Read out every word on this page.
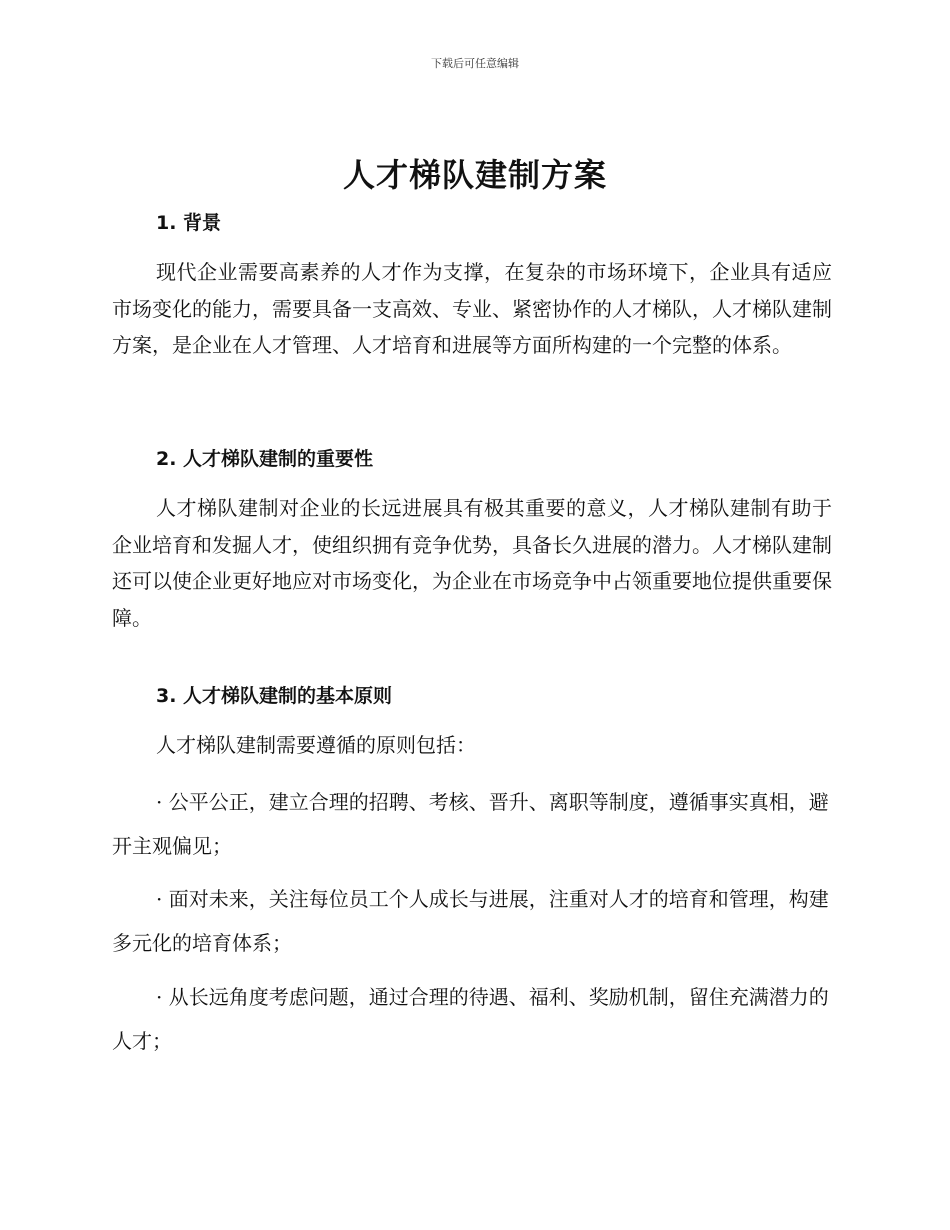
下载后可任意编辑
人才梯队建制方案
1. 背景
现代企业需要高素养的人才作为支撑，在复杂的市场环境下，企业具有适应市场变化的能力，需要具备一支高效、专业、紧密协作的人才梯队，人才梯队建制方案，是企业在人才管理、人才培育和进展等方面所构建的一个完整的体系。
2. 人才梯队建制的重要性
人才梯队建制对企业的长远进展具有极其重要的意义，人才梯队建制有助于企业培育和发掘人才，使组织拥有竞争优势，具备长久进展的潜力。人才梯队建制还可以使企业更好地应对市场变化，为企业在市场竞争中占领重要地位提供重要保障。
3. 人才梯队建制的基本原则
人才梯队建制需要遵循的原则包括：
· 公平公正，建立合理的招聘、考核、晋升、离职等制度，遵循事实真相，避开主观偏见；
· 面对未来，关注每位员工个人成长与进展，注重对人才的培育和管理，构建多元化的培育体系；
· 从长远角度考虑问题，通过合理的待遇、福利、奖励机制，留住充满潜力的人才；
